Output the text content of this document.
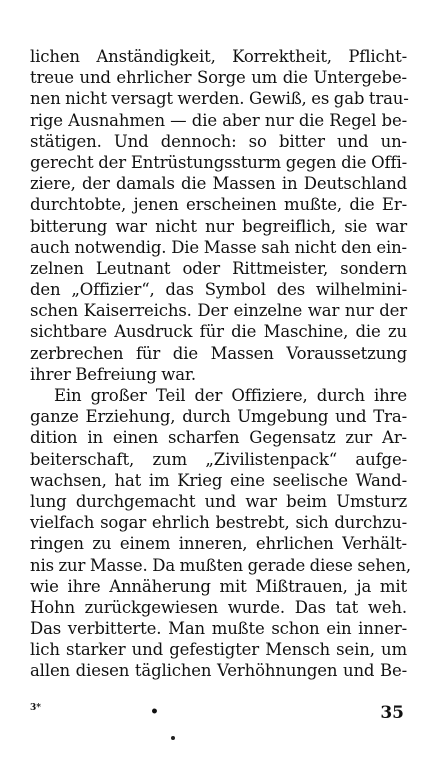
lichen Anständigkeit, Korrektheit, Pflicht-
treue und ehrlicher Sorge um die Untergebe-
nen nicht versagt werden. Gewiß, es gab trau-
rige Ausnahmen — die aber nur die Regel be-
stätigen. Und dennoch: so bitter und un-
gerecht der Entrüstungssturm gegen die Offi-
ziere, der damals die Massen in Deutschland
durchtobte, jenen erscheinen mußte, die Er-
bitterung war nicht nur begreiflich, sie war
auch notwendig. Die Masse sah nicht den ein-
zelnen Leutnant oder Rittmeister, sondern
den „Offizier“, das Symbol des wilhelmini-
schen Kaiserreichs. Der einzelne war nur der
sichtbare Ausdruck für die Maschine, die zu
zerbrechen für die Massen Voraussetzung
ihrer Befreiung war.
Ein großer Teil der Offiziere, durch ihre
ganze Erziehung, durch Umgebung und Tra-
dition in einen scharfen Gegensatz zur Ar-
beiterschaft, zum „Zivilistenpack“ aufge-
wachsen, hat im Krieg eine seelische Wand-
lung durchgemacht und war beim Umsturz
vielfach sogar ehrlich bestrebt, sich durchzu-
ringen zu einem inneren, ehrlichen Verhält-
nis zur Masse. Da mußten gerade diese sehen,
wie ihre Annäherung mit Mißtrauen, ja mit
Hohn zurückgewiesen wurde. Das tat weh.
Das verbitterte. Man mußte schon ein inner-
lich starker und gefestigter Mensch sein, um
allen diesen täglichen Verhöhnungen und Be-
3*	•	35
